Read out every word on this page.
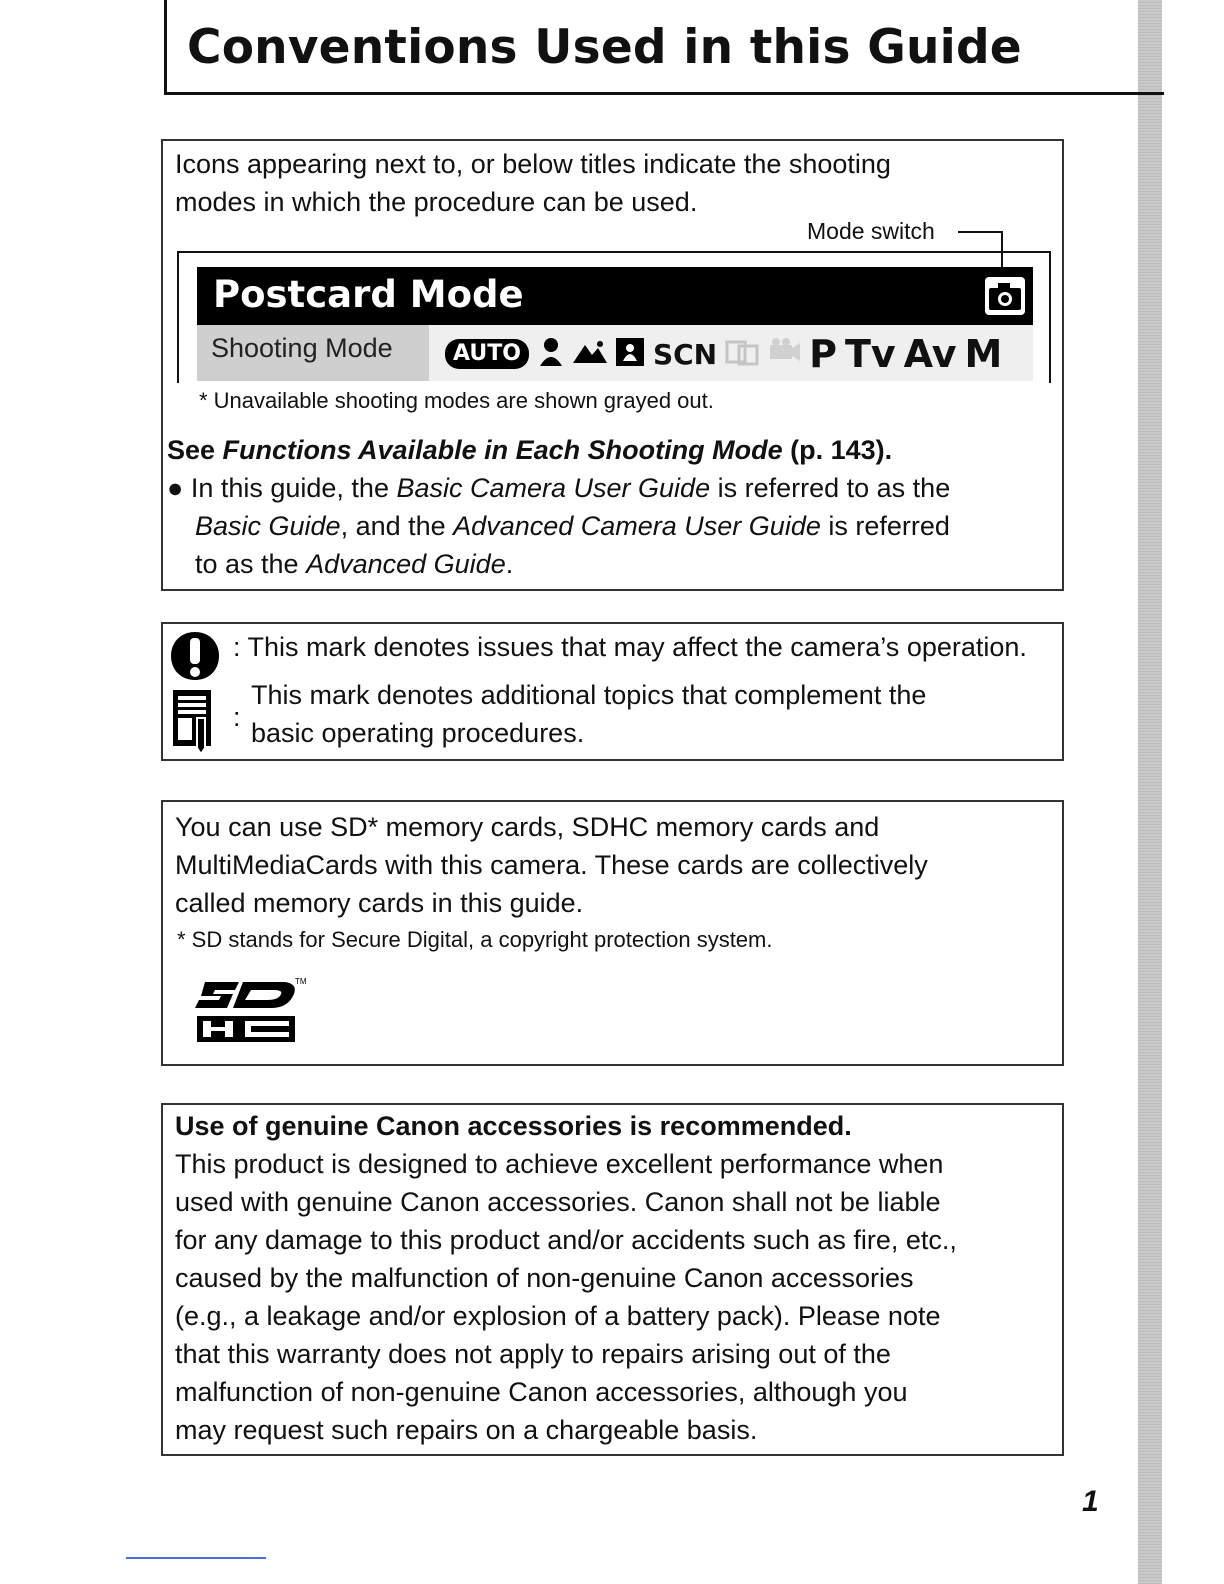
Conventions Used in this Guide
Icons appearing next to, or below titles indicate the shooting
modes in which the procedure can be used.
Mode switch
Postcard Mode
Shooting Mode	AUTO	SCN P Tv Av M
* Unavailable shooting modes are shown grayed out.
See Functions Available in Each Shooting Mode (p. 143).
● In this guide, the Basic Camera User Guide is referred to as the
Basic Guide, and the Advanced Camera User Guide is referred
to as the Advanced Guide.
: This mark denotes issues that may affect the camera’s operation.
:
This mark denotes additional topics that complement the
basic operating procedures.
You can use SD* memory cards, SDHC memory cards and
MultiMediaCards with this camera. These cards are collectively
called memory cards in this guide.
* SD stands for Secure Digital, a copyright protection system.
TM
Use of genuine Canon accessories is recommended.
This product is designed to achieve excellent performance when
used with genuine Canon accessories. Canon shall not be liable
for any damage to this product and/or accidents such as fire, etc.,
caused by the malfunction of non-genuine Canon accessories
(e.g., a leakage and/or explosion of a battery pack). Please note
that this warranty does not apply to repairs arising out of the
malfunction of non-genuine Canon accessories, although you
may request such repairs on a chargeable basis.
1
